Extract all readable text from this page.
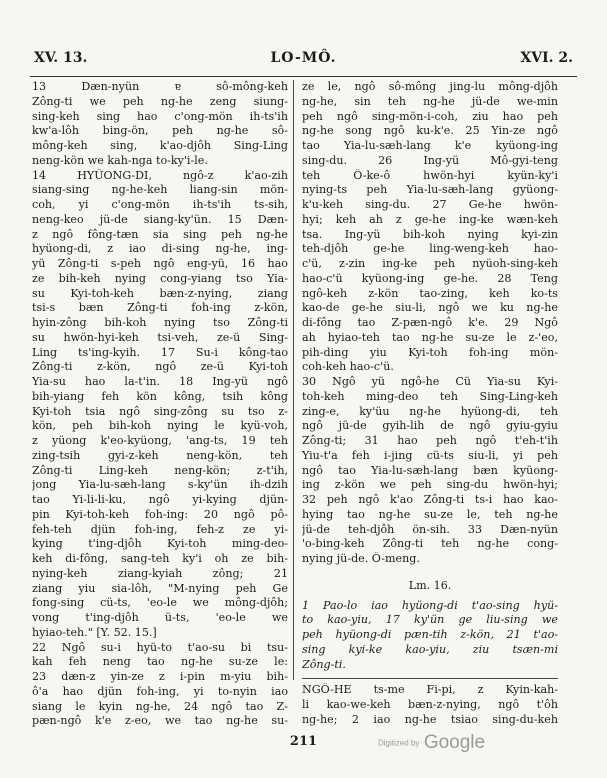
XV. 13.	LO-MÔ.	XVI. 2.
13 Dæn-nyün ɐ sô-mông-keh
Zông-ti we peh ng-he zeng siung-
sing-keh sing hao c'ong-mön ih-ts'ih
kw'a-lôh bing-ön, peh ng-he sô-
mông-keh sing, k'ao-djôh Sing-Ling
neng-kön we kah-nga to-ky'i-le.
14 HYÜONG-DI, ngô-z k'ao-zih
siang-sing ng-he-keh liang-sin mön-
coh, yi c'ong-mön ih-ts'ih ts-sih,
neng-keo jü-de siang-ky'ün. 15 Dæn-
z ngô fông-tæn sia sing peh ng-he
hyüong-di, z iao di-sing ng-he, ing-
yü Zông-ti s-peh ngô eng-yü, 16 hao
ze bih-keh nying cong-yiang tso Yia-
su Kyi-toh-keh bæn-z-nying, ziang
tsi-s bæn Zông-ti foh-ing z-kön,
hyin-zông bih-koh nying tso Zông-ti
su hwön-hyi-keh tsi-veh, ze-ü Sing-
Ling ts'ing-kyih. 17 Su-i kông-tao
Zông-ti z-kön, ngô ze-ü Kyi-toh
Yia-su hao la-t'in. 18 Ing-yü ngô
bih-yiang feh kön kông, tsih kông
Kyi-toh tsia ngô sing-zông su tso z-
kön, peh bih-koh nying le kyü-voh,
z yüong k'eo-kyüong, 'ang-ts, 19 teh
zing-tsih gyi-z-keh neng-kön, teh
Zông-ti Ling-keh neng-kön; z-t'ih,
jong Yia-lu-sæh-lang s-ky'ün ih-dzih
tao Yi-li-li-ku, ngô yi-kying djün-
pin Kyi-toh-keh foh-ing: 20 ngô pô-
feh-teh djün foh-ing, feh-z ze yi-
kying t'ing-djôh Kyi-toh ming-deo-
keh di-fông, sang-teh ky'i oh ze bih-
nying-keh ziang-kyiah zông; 21
ziang yiu sia-lôh, "M-nying peh Ge
fong-sing cü-ts, 'eo-le we mông-djôh;
vong t'ing-djôh ü-ts, 'eo-le we
hyiao-teh." [Y. 52. 15.]
22 Ngô su-i hyü-to t'ao-su bi tsu-
kah feh neng tao ng-he su-ze le:
23 dæn-z yin-ze z i-pin m-yiu bih-
ô'a hao djün foh-ing, yi to-nyin iao
siang le kyin ng-he, 24 ngô tao Z-
pæn-ngô k'e z-eo, we tao ng-he su-
ze le, ngô sô-mông jing-lu mông-djôh
ng-he, sin teh ng-he jü-de we-min
peh ngô sing-mön-i-coh, ziu hao peh
ng-he song ngô ku-k'e. 25 Yin-ze ngô
tao Yia-lu-sæh-lang k'e kyüong-ing
sing-du. 26 Ing-yü Mô-gyi-teng
teh Ô-ke-ô hwön-hyi kyün-ky'i
nying-ts peh Yia-lu-sæh-lang gyüong-
k'u-keh sing-du. 27 Ge-he hwön-
hyi; keh ah z ge-he ing-ke wæn-keh
tsa. Ing-yü bih-koh nying kyi-zin
teh-djôh ge-he ling-weng-keh hao-
c'ü, z-zin ing-ke peh nyüoh-sing-keh
hao-c'ü kyüong-ing ge-he. 28 Teng
ngô-keh z-kön tao-zing, keh ko-ts
kao-de ge-he siu-li, ngô we ku ng-he
di-fông tao Z-pæn-ngô k'e. 29 Ngô
ah hyiao-teh tao ng-he su-ze le z-'eo,
pih-ding yiu Kyi-toh foh-ing mön-
coh-keh hao-c'ü.
30 Ngô yü ngô-he Cü Yia-su Kyi-
toh-keh ming-deo teh Sing-Ling-keh
zing-e, ky'üu ng-he hyüong-di, teh
ngô jü-de gyih-lih de ngô gyiu-gyiu
Zông-ti; 31 hao peh ngô t'eh-t'ih
Yiu-t'a feh i-jing cü-ts siu-li, yi peh
ngô tao Yia-lu-sæh-lang bæn kyüong-
ing z-kön we peh sing-du hwön-hyi;
32 peh ngô k'ao Zông-ti ts-i hao kao-
hying tao ng-he su-ze le, teh ng-he
jü-de teh-djôh ön-sih. 33 Dæn-nyün
'o-bing-keh Zông-ti teh ng-he cong-
nying jü-de. Ô-meng.
Lm. 16.
1 Pao-lo iao hyüong-di t'ao-sing hyü-
to kao-yiu, 17 ky'ün ge liu-sing we
peh hyüong-di pæn-tih z-kön, 21 t'ao-
sing kyi-ke kao-yiu, ziu tsæn-mi
Zông-ti.
NGÔ-HE ts-me Fi-pi, z Kyin-kah-
li kao-we-keh bæn-z-nying, ngô t'ôh
ng-he; 2 iao ng-he tsiao sing-du-keh
211	Digitized by Google
